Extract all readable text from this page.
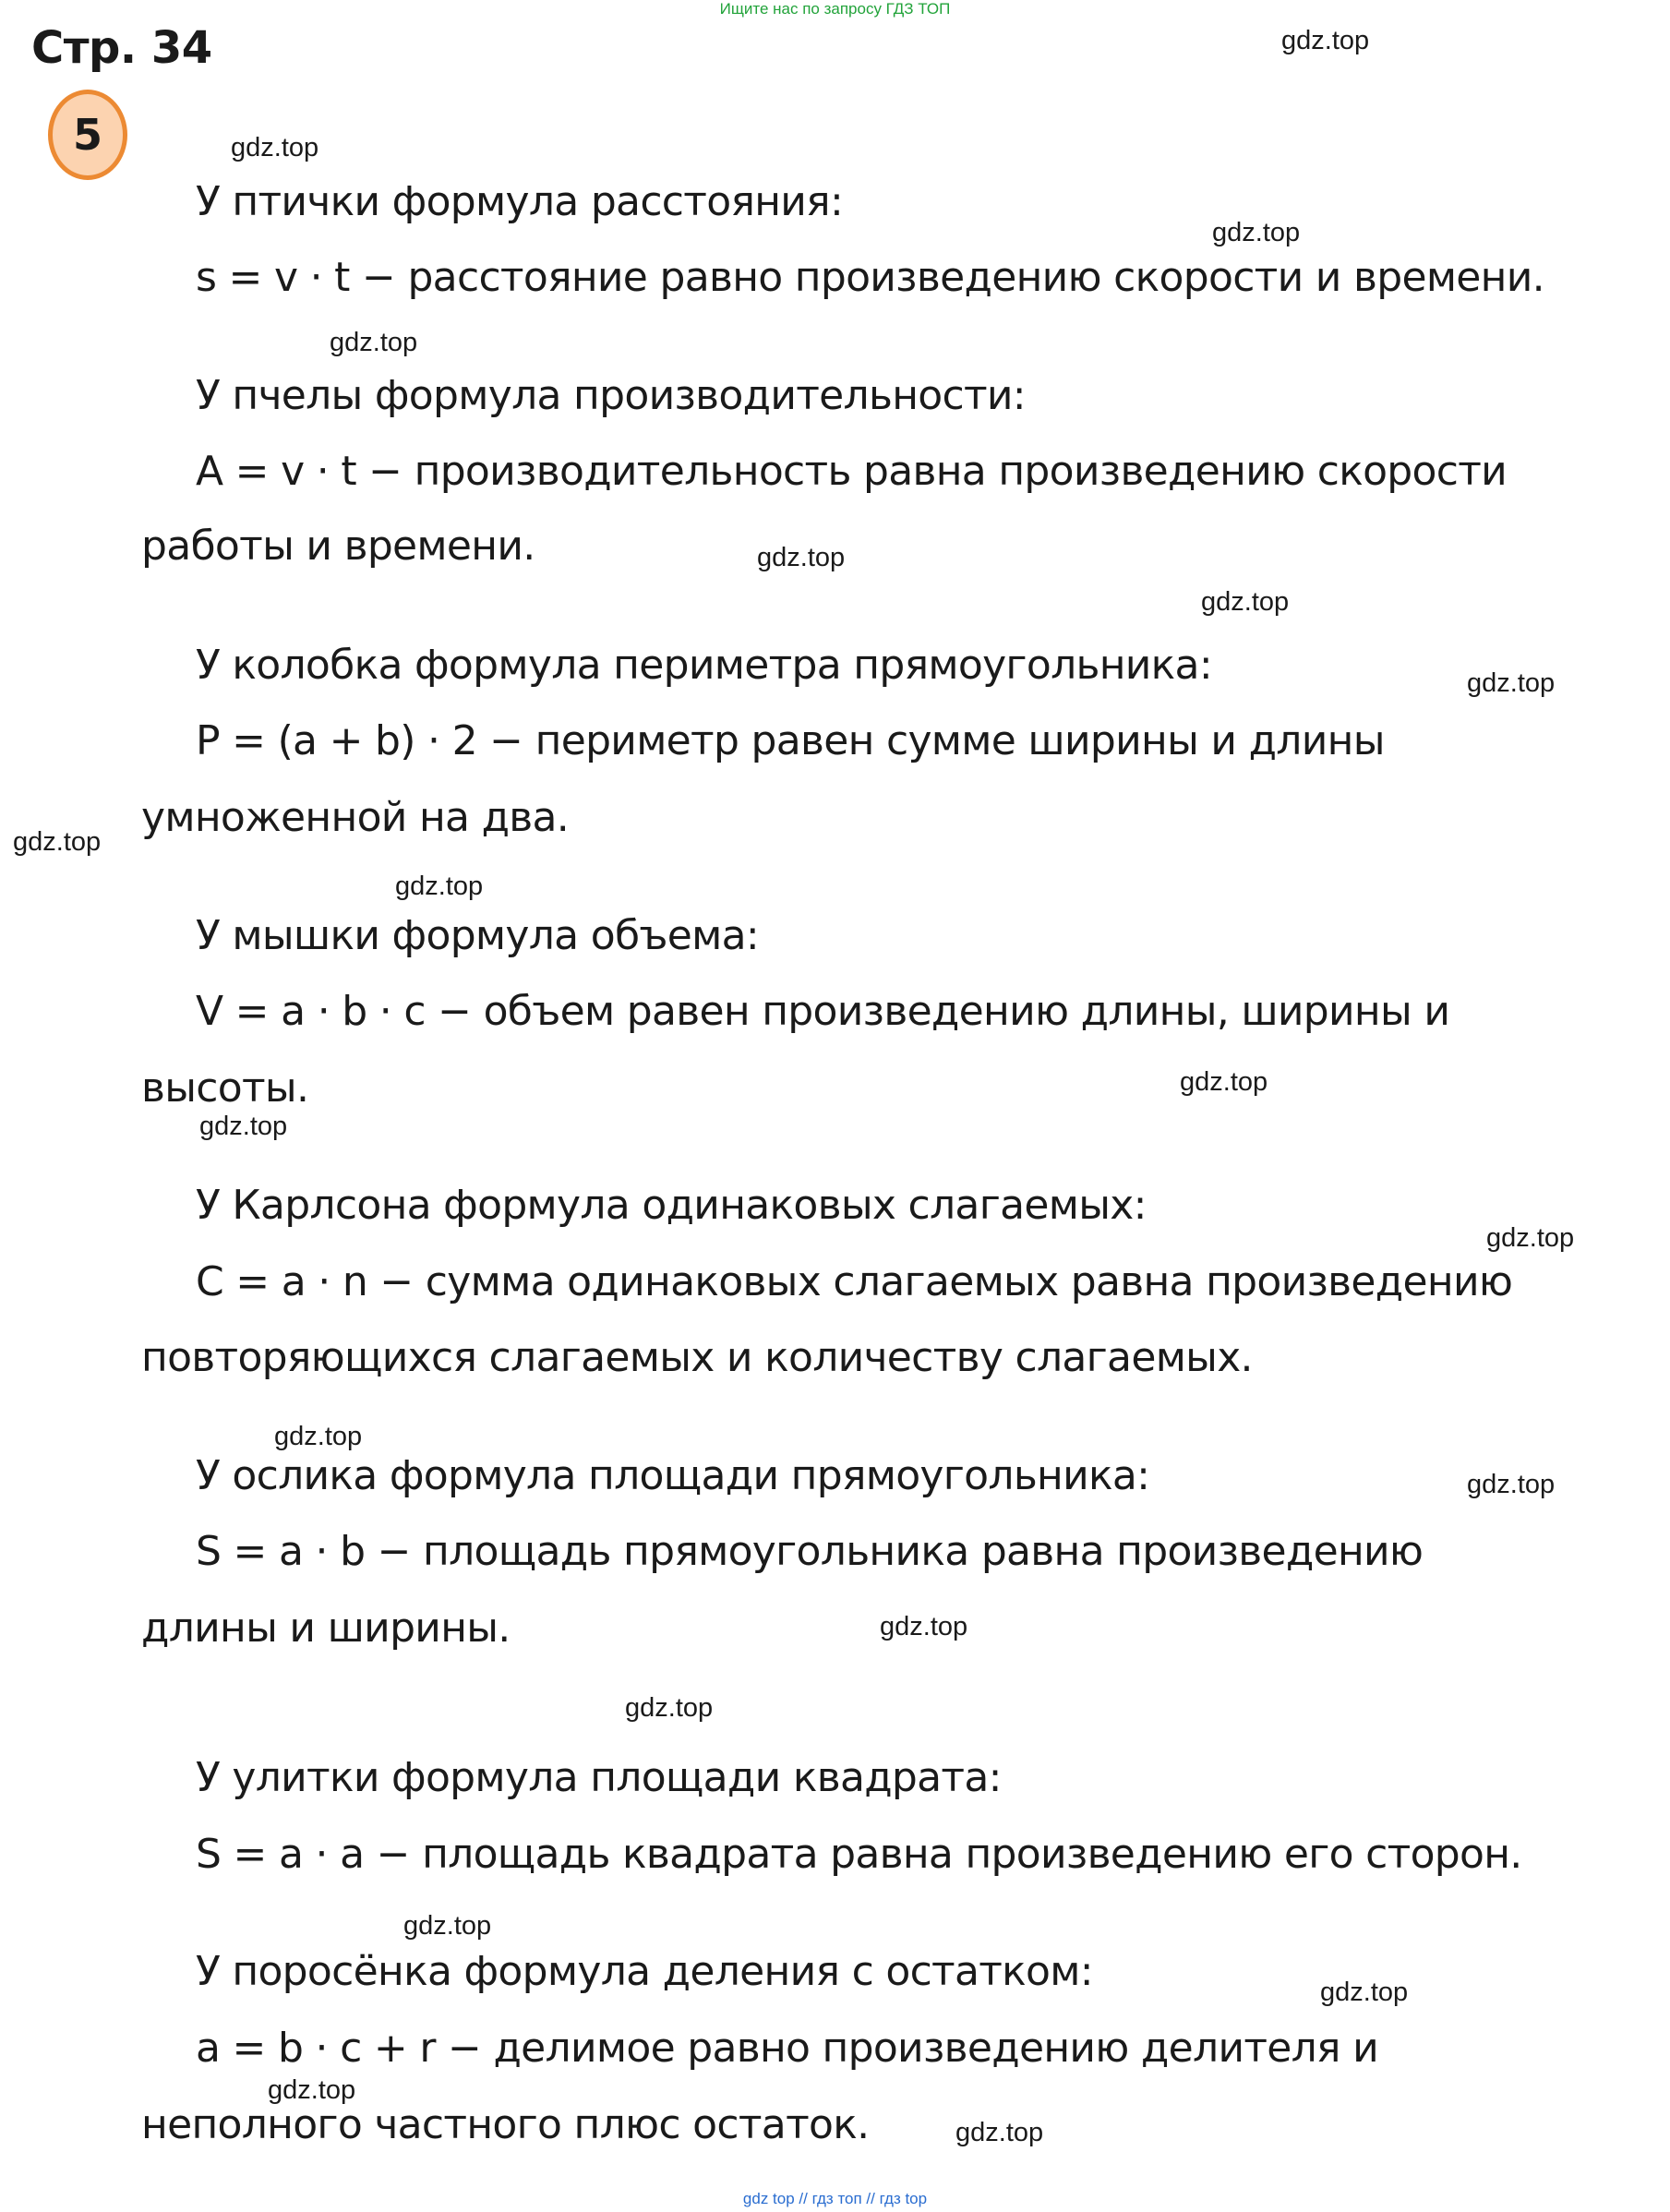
Ищите нас по запросу ГДЗ ТОП
Стр. 34
5
У птички формула расстояния:
s = v · t − расстояние равно произведению скорости и времени.
У пчелы формула производительности:
A = v · t − производительность равна произведению скорости
работы и времени.
У колобка формула периметра прямоугольника:
P = (a + b) · 2 − периметр равен сумме ширины и длины
умноженной на два.
У мышки формула объема:
V = a · b · c − объем равен произведению длины, ширины и
высоты.
У Карлсона формула одинаковых слагаемых:
C = a · n − сумма одинаковых слагаемых равна произведению
повторяющихся слагаемых и количеству слагаемых.
У ослика формула площади прямоугольника:
S = a · b − площадь прямоугольника равна произведению
длины и ширины.
У улитки формула площади квадрата:
S = a · a − площадь квадрата равна произведению его сторон.
У поросёнка формула деления с остатком:
a = b · c + r − делимое равно произведению делителя и
неполного частного плюс остаток.
gdz.top
gdz.top
gdz.top
gdz.top
gdz.top
gdz.top
gdz.top
gdz.top
gdz.top
gdz.top
gdz.top
gdz.top
gdz.top
gdz.top
gdz.top
gdz.top
gdz.top
gdz.top
gdz.top
gdz.top
gdz top // гдз топ // гдз top
